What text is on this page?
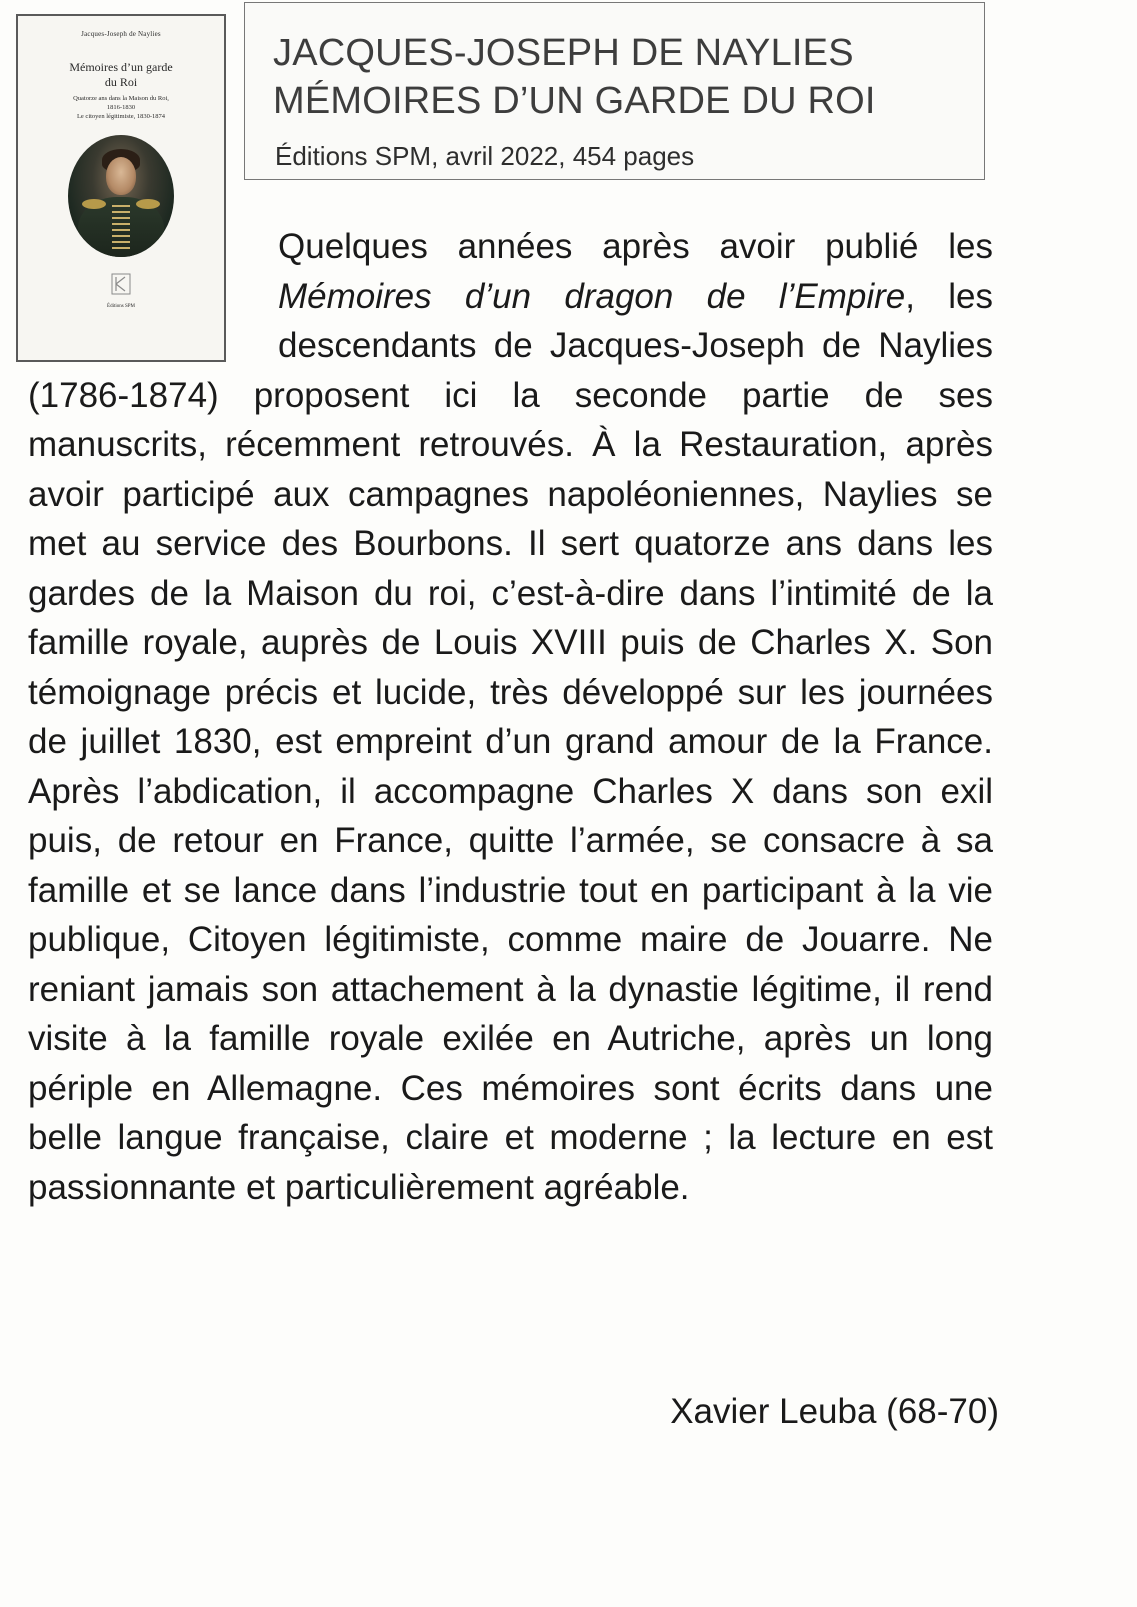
Jacques-Joseph de Naylies
Mémoires d’un garde
du Roi
Quatorze ans dans la Maison du Roi,
1816-1830
Le citoyen légitimiste, 1830-1874
Éditions SPM
JACQUES-JOSEPH DE NAYLIES
MÉMOIRES D’UN GARDE DU ROI
Éditions SPM, avril 2022, 454 pages
Quelques années après avoir publié les Mémoires d’un dragon de l’Empire, les descendants de Jacques-Joseph de Naylies (1786-1874) proposent ici la seconde partie de ses manuscrits, récemment retrouvés. À la Restauration, après avoir participé aux campagnes napoléoniennes, Naylies se met au service des Bourbons. Il sert quatorze ans dans les gardes de la Maison du roi, c’est-à-dire dans l’intimité de la famille royale, auprès de Louis XVIII puis de Charles X. Son témoignage précis et lucide, très développé sur les journées de juillet 1830, est empreint d’un grand amour de la France. Après l’abdication, il accompagne Charles X dans son exil puis, de retour en France, quitte l’armée, se consacre à sa famille et se lance dans l’industrie tout en participant à la vie publique, Citoyen légitimiste, comme maire de Jouarre. Ne reniant jamais son attachement à la dynastie légitime, il rend visite à la famille royale exilée en Autriche, après un long périple en Allemagne. Ces mémoires sont écrits dans une belle langue française, claire et moderne ; la lecture en est passionnante et particulièrement agréable.
Xavier Leuba (68-70)
